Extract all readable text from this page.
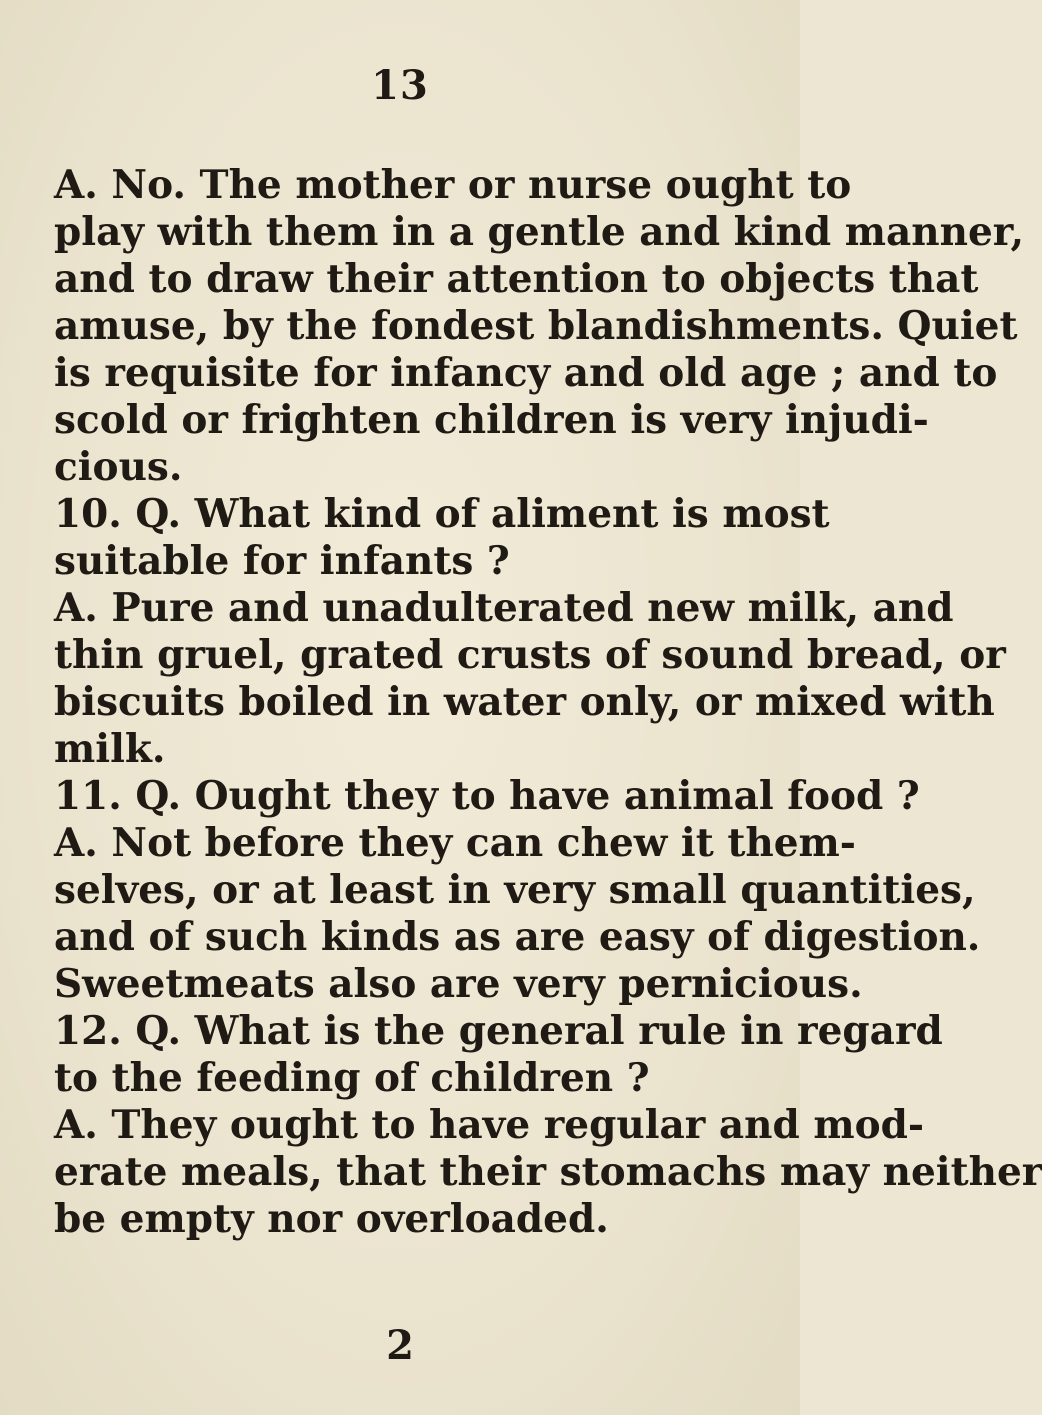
13
A. No. The mother or nurse ought to
play with them in a gentle and kind manner,
and to draw their attention to objects that
amuse, by the fondest blandishments. Quiet
is requisite for infancy and old age ; and to
scold or frighten children is very injudi-
cious.
10. Q. What kind of aliment is most
suitable for infants ?
A. Pure and unadulterated new milk, and
thin gruel, grated crusts of sound bread, or
biscuits boiled in water only, or mixed with
milk.
11. Q. Ought they to have animal food ?
A. Not before they can chew it them-
selves, or at least in very small quantities,
and of such kinds as are easy of digestion.
Sweetmeats also are very pernicious.
12. Q. What is the general rule in regard
to the feeding of children ?
A. They ought to have regular and mod-
erate meals, that their stomachs may neither
be empty nor overloaded.
2
